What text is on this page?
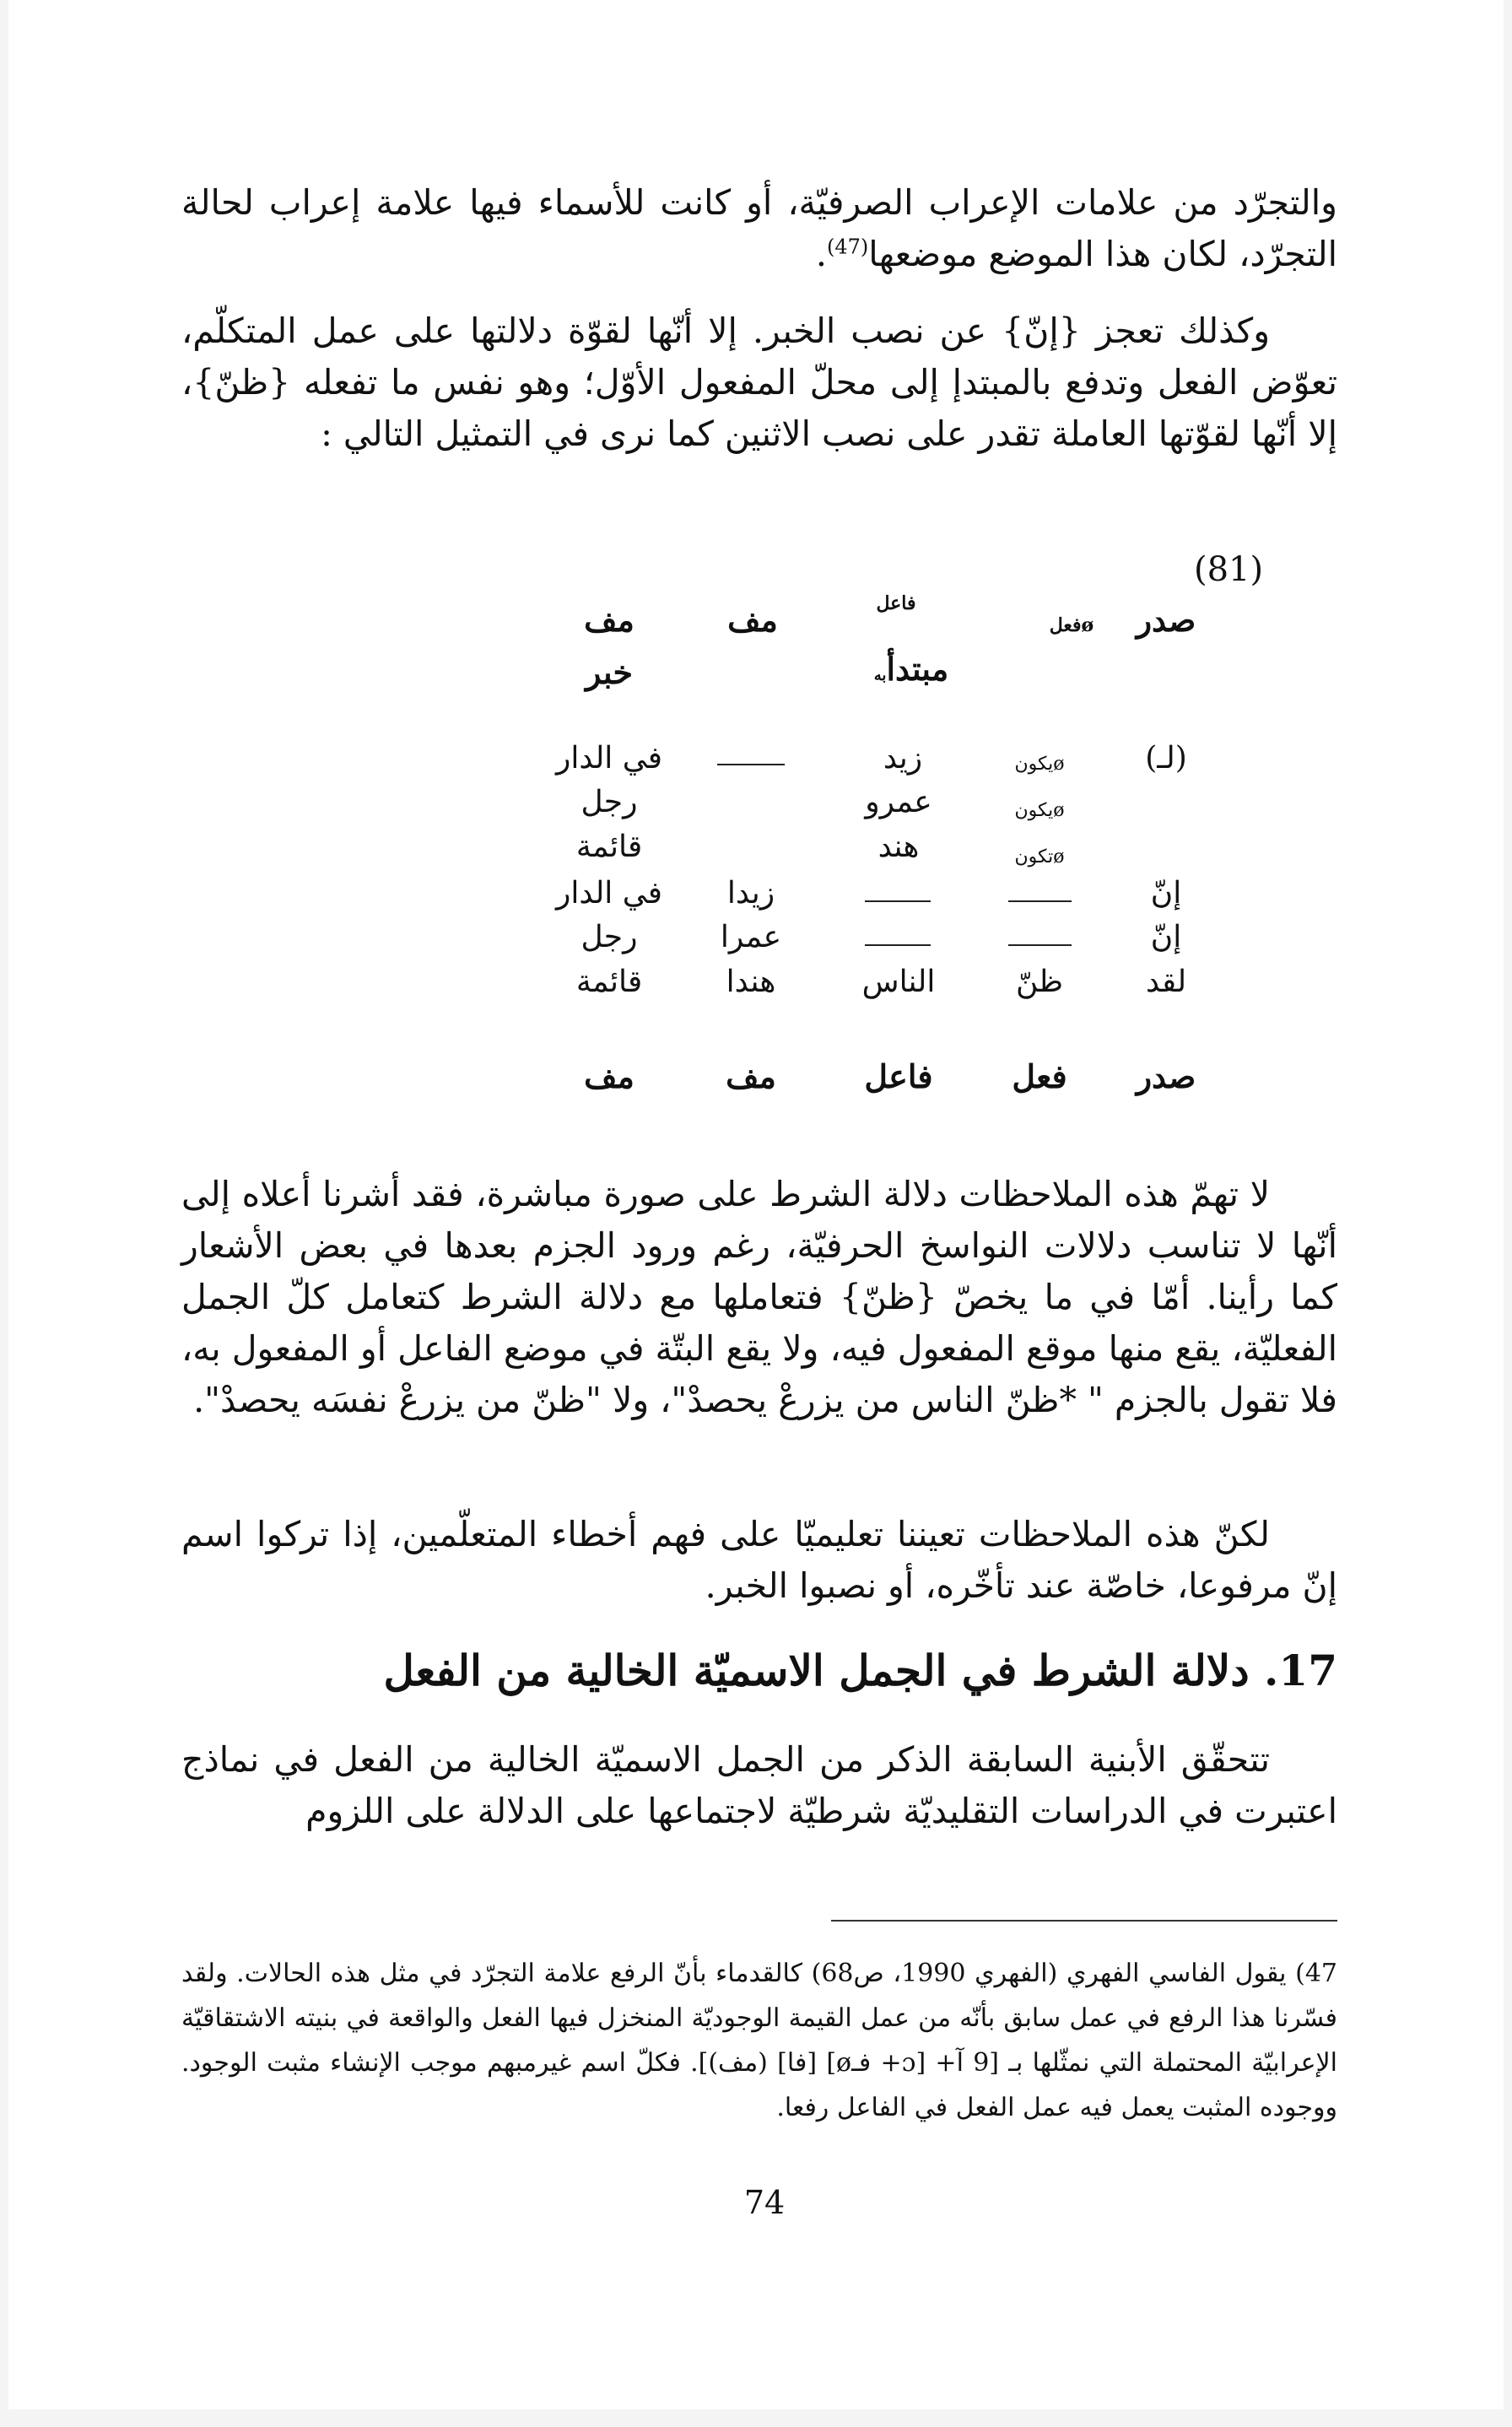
والتجرّد من علامات الإعراب الصرفيّة، أو كانت للأسماء فيها علامة إعراب لحالة التجرّد، لكان هذا الموضع موضعها$^{(47)}$.
وكذلك تعجز {إنّ} عن نصب الخبر. إلا أنّها لقوّة دلالتها على عمل المتكلّم، تعوّض الفعل وتدفع بالمبتدإ إلى محلّ المفعول الأوّل؛ وهو نفس ما تفعله {ظنّ}، إلا أنّها لقوّتها العاملة تقدر على نصب الاثنين كما نرى في التمثيل التالي :
(81)
صدر
فعلø
فاعل
مف
مف
مبتدأبه
خبر
(لـ)
يكونø
زيد
في الدار
يكونø
عمرو
رجل
تكونø
هند
قائمة
إنّ
زيدا
في الدار
إنّ
عمرا
رجل
لقد
ظنّ
الناس
هندا
قائمة
صدر
فعل
فاعل
مف
مف
لا تهمّ هذه الملاحظات دلالة الشرط على صورة مباشرة، فقد أشرنا أعلاه إلى أنّها لا تناسب دلالات النواسخ الحرفيّة، رغم ورود الجزم بعدها في بعض الأشعار كما رأينا. أمّا في ما يخصّ {ظنّ} فتعاملها مع دلالة الشرط كتعامل كلّ الجمل الفعليّة، يقع منها موقع المفعول فيه، ولا يقع البتّة في موضع الفاعل أو المفعول به، فلا تقول بالجزم " *ظنّ الناس من يزرعْ يحصدْ"، ولا "ظنّ من يزرعْ نفسَه يحصدْ".
لكنّ هذه الملاحظات تعيننا تعليميّا على فهم أخطاء المتعلّمين، إذا تركوا اسم إنّ مرفوعا، خاصّة عند تأخّره، أو نصبوا الخبر.
17. دلالة الشرط في الجمل الاسميّة الخالية من الفعل
تتحقّق الأبنية السابقة الذكر من الجمل الاسميّة الخالية من الفعل في نماذج اعتبرت في الدراسات التقليديّة شرطيّة لاجتماعها على الدلالة على اللزوم
47) يقول الفاسي الفهري (الفهري 1990، ص68) كالقدماء بأنّ الرفع علامة التجرّد في مثل هذه الحالات. ولقد فسّرنا هذا الرفع في عمل سابق بأنّه من عمل القيمة الوجوديّة المنخزل فيها الفعل والواقعة في بنيته الاشتقاقيّة الإعرابيّة المحتملة التي نمثّلها بـ [9 آ+ [ɔ+ فـø] [فا] (مف)]. فكلّ اسم غيرمبهم موجب الإنشاء مثبت الوجود. ووجوده المثبت يعمل فيه عمل الفعل في الفاعل رفعا.
74
